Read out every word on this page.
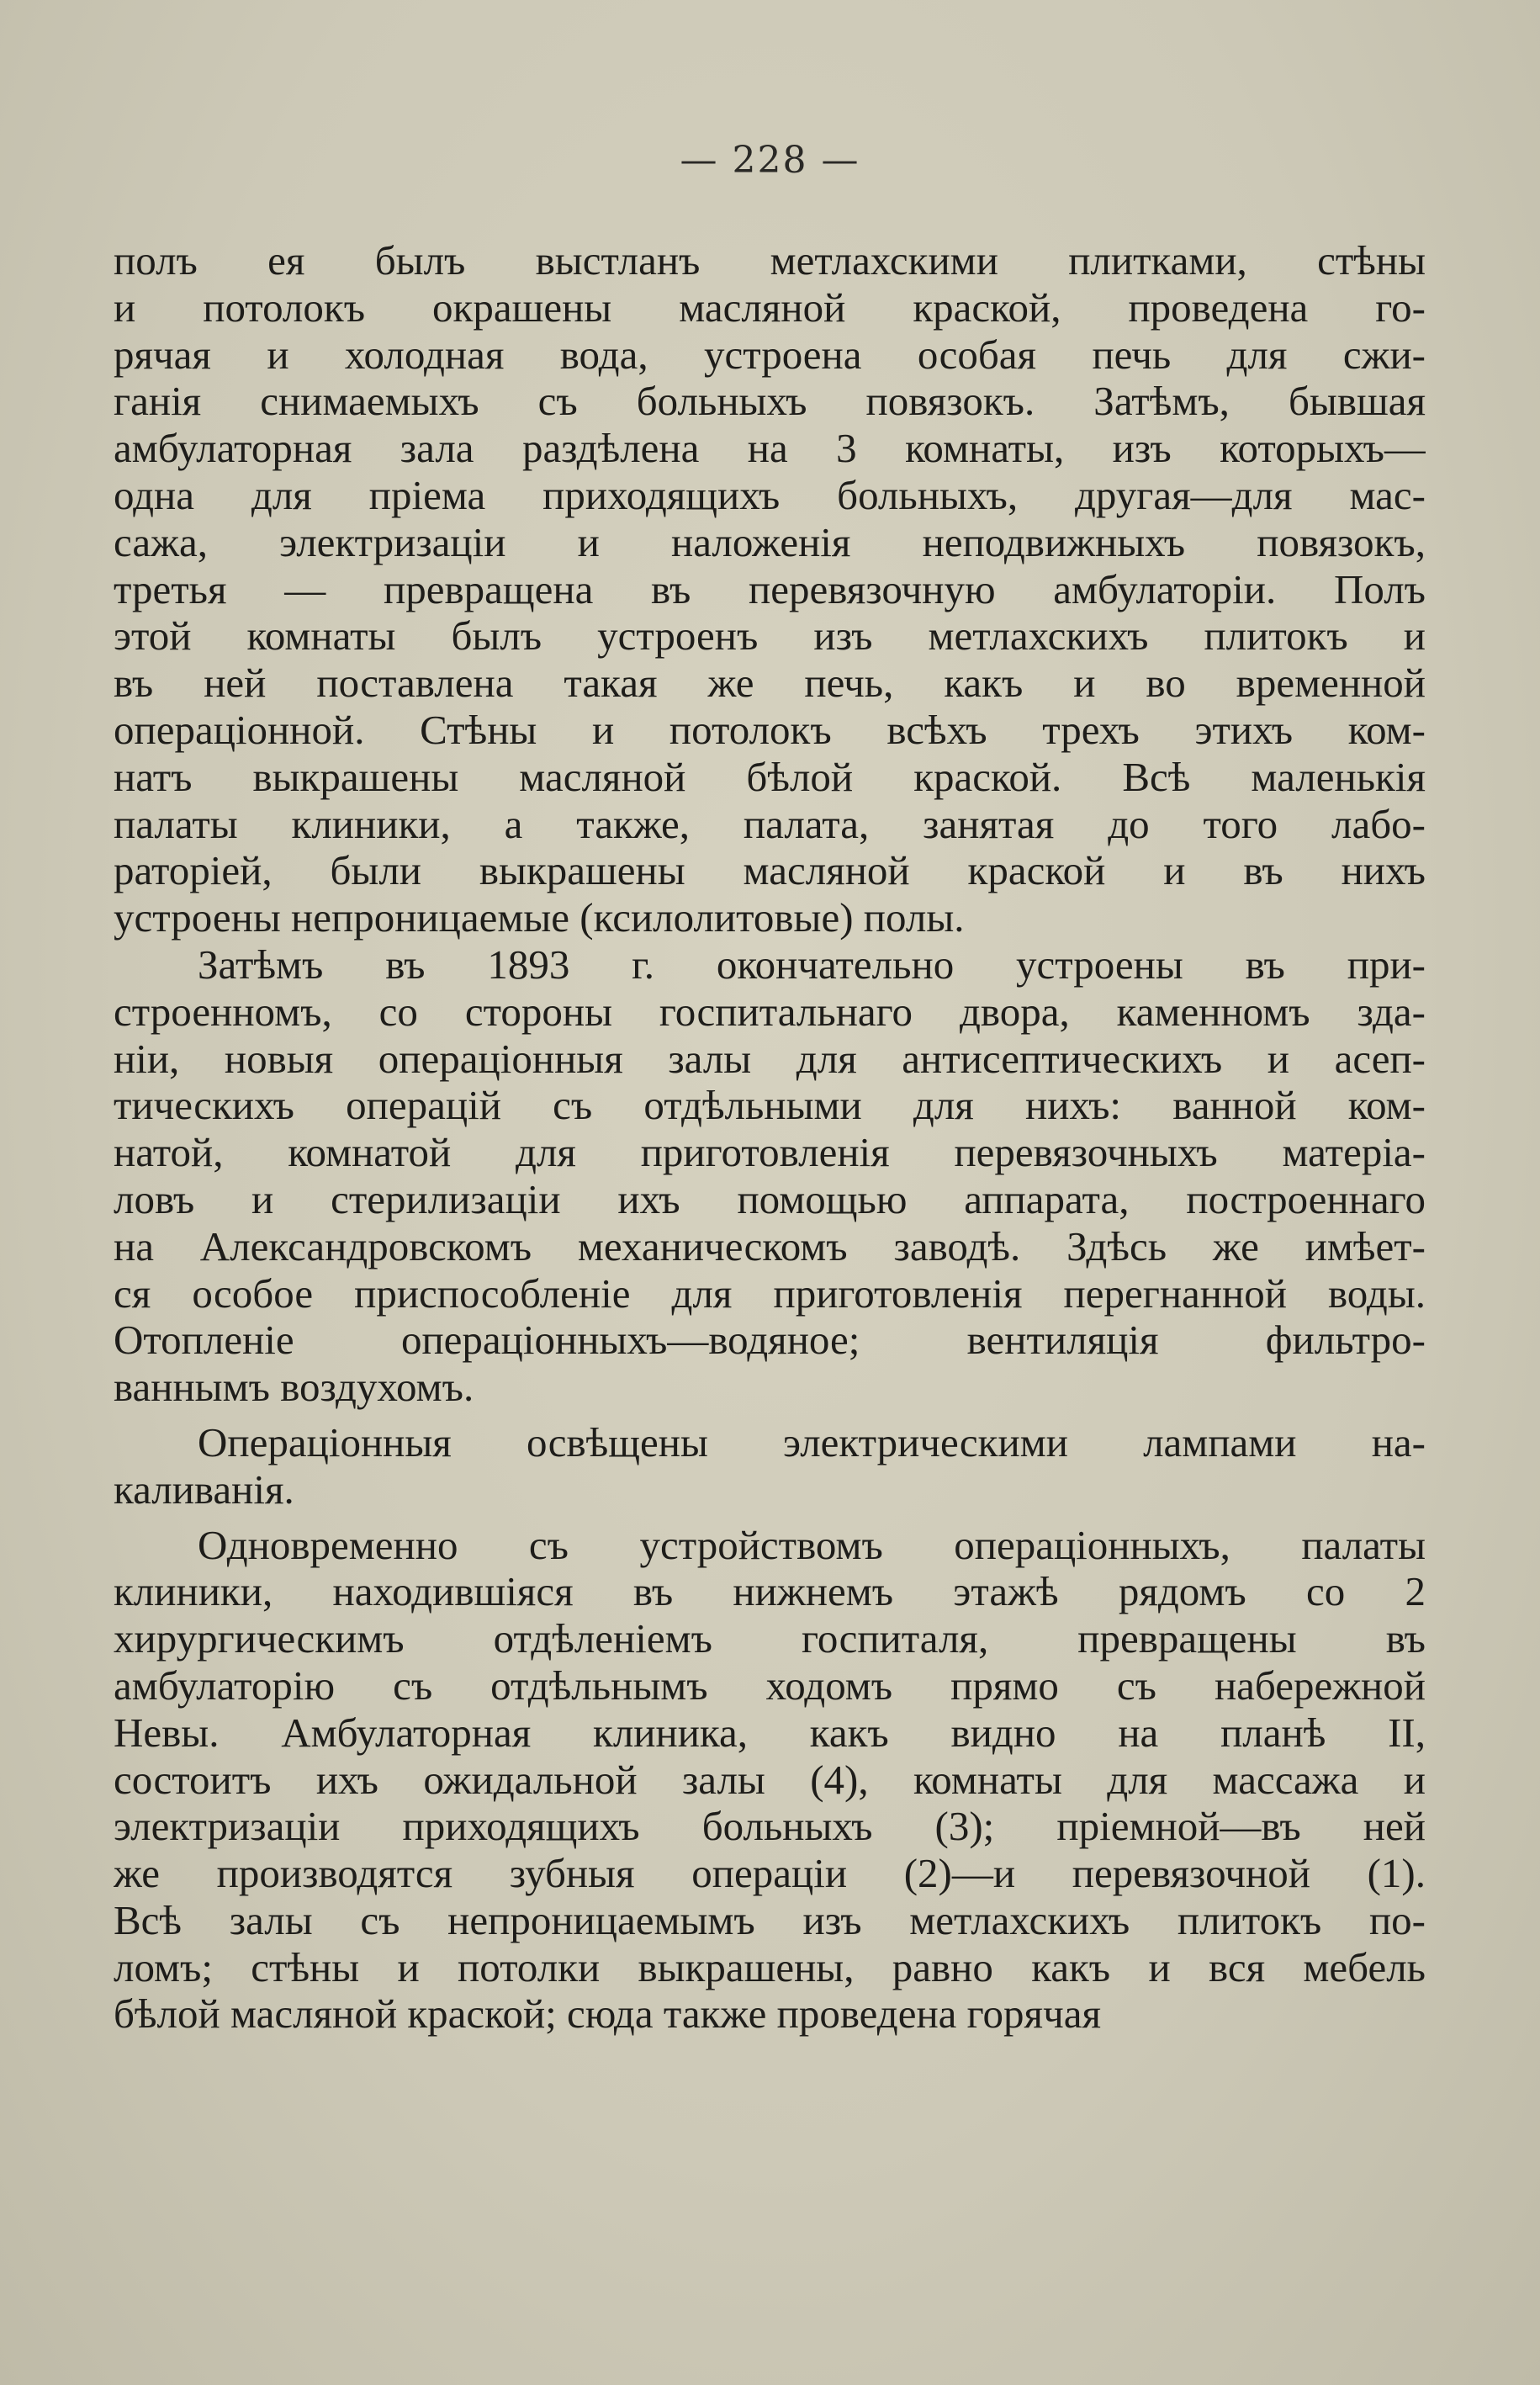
— 228 —
полъ ея былъ выстланъ метлахскими плитками, стѣны
и потолокъ окрашены масляной краской, проведена го-
рячая и холодная вода, устроена особая печь для сжи-
ганія снимаемыхъ съ больныхъ повязокъ. Затѣмъ, бывшая
амбулаторная зала раздѣлена на 3 комнаты, изъ которыхъ—
одна для пріема приходящихъ больныхъ, другая—для мас-
сажа, электризаціи и наложенія неподвижныхъ повязокъ,
третья — превращена въ перевязочную амбулаторіи. Полъ
этой комнаты былъ устроенъ изъ метлахскихъ плитокъ и
въ ней поставлена такая же печь, какъ и во временной
операціонной. Стѣны и потолокъ всѣхъ трехъ этихъ ком-
натъ выкрашены масляной бѣлой краской. Всѣ маленькія
палаты клиники, а также, палата, занятая до того лабо-
раторіей, были выкрашены масляной краской и въ нихъ
устроены непроницаемые (ксилолитовые) полы.
Затѣмъ въ 1893 г. окончательно устроены въ при-
строенномъ, со стороны госпитальнаго двора, каменномъ зда-
ніи, новыя операціонныя залы для антисептическихъ и асеп-
тическихъ операцій съ отдѣльными для нихъ: ванной ком-
натой, комнатой для приготовленія перевязочныхъ матеріа-
ловъ и стерилизаціи ихъ помощью аппарата, построеннаго
на Александровскомъ механическомъ заводѣ. Здѣсь же имѣет-
ся особое приспособленіе для приготовленія перегнанной воды.
Отопленіе операціонныхъ—водяное; вентиляція фильтро-
ваннымъ воздухомъ.
Операціонныя освѣщены электрическими лампами на-
каливанія.
Одновременно съ устройствомъ операціонныхъ, палаты
клиники, находившіяся въ нижнемъ этажѣ рядомъ со 2
хирургическимъ отдѣленіемъ госпиталя, превращены въ
амбулаторію съ отдѣльнымъ ходомъ прямо съ набережной
Невы. Амбулаторная клиника, какъ видно на планѣ II,
состоитъ ихъ ожидальной залы (4), комнаты для массажа и
электризаціи приходящихъ больныхъ (3); пріемной—въ ней
же производятся зубныя операціи (2)—и перевязочной (1).
Всѣ залы съ непроницаемымъ изъ метлахскихъ плитокъ по-
ломъ; стѣны и потолки выкрашены, равно какъ и вся мебель
бѣлой масляной краской; сюда также проведена горячая
